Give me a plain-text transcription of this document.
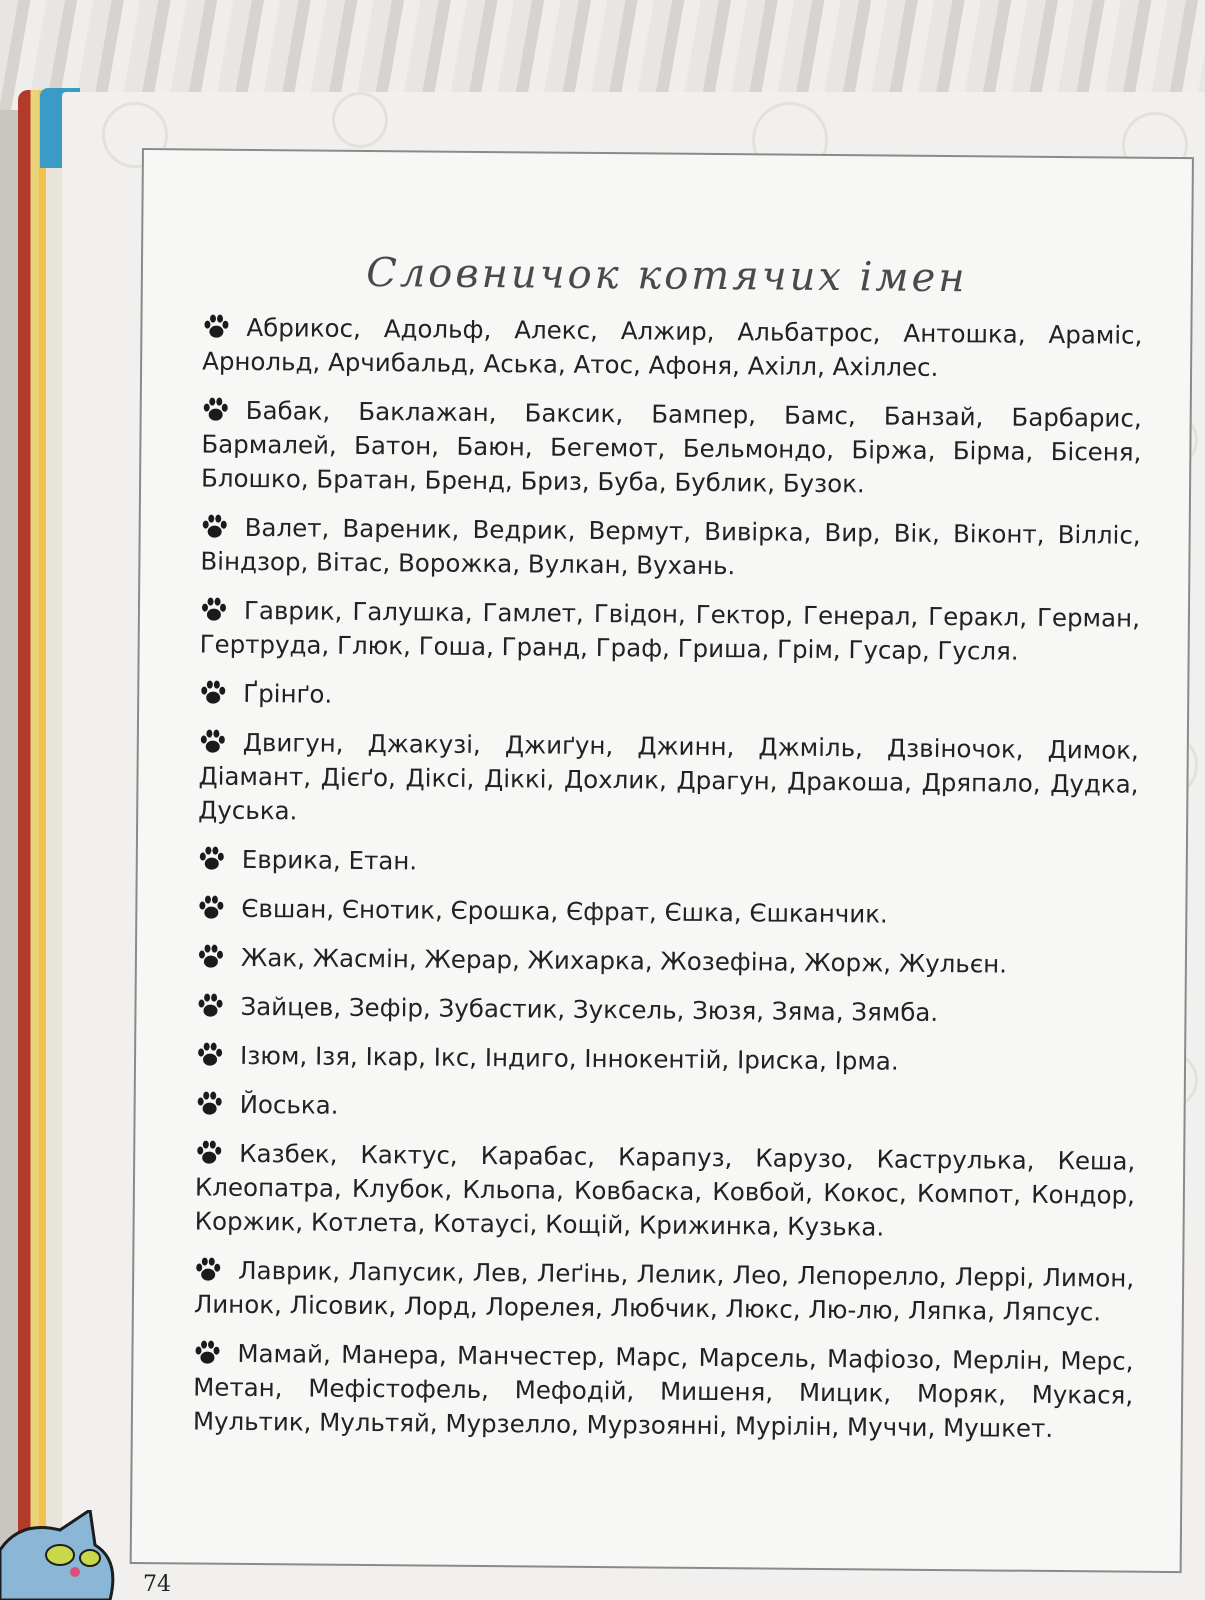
Словничок котячих імен
Абрикос, Адольф, Алекс, Алжир, Альбатрос, Антошка, Араміс, Арнольд, Арчибальд, Аська, Атос, Афоня, Ахілл, Ахіллес.
Бабак, Баклажан, Баксик, Бампер, Бамс, Банзай, Барбарис, Бармалей, Батон, Баюн, Бегемот, Бельмондо, Біржа, Бірма, Бісеня, Блошко, Братан, Бренд, Бриз, Буба, Бублик, Бузок.
Валет, Вареник, Ведрик, Вермут, Вивірка, Вир, Вік, Віконт, Вілліс, Віндзор, Вітас, Ворожка, Вулкан, Вухань.
Гаврик, Галушка, Гамлет, Гвідон, Гектор, Генерал, Геракл, Герман, Гертруда, Глюк, Гоша, Гранд, Граф, Гриша, Грім, Гусар, Гусля.
Ґрінґо.
Двигун, Джакузі, Джиґун, Джинн, Джміль, Дзвіночок, Димок, Діамант, Дієґо, Діксі, Діккі, Дохлик, Драгун, Дракоша, Дряпало, Дудка, Дуська.
Еврика, Етан.
Євшан, Єнотик, Єрошка, Єфрат, Єшка, Єшканчик.
Жак, Жасмін, Жерар, Жихарка, Жозефіна, Жорж, Жульєн.
Зайцев, Зефір, Зубастик, Зуксель, Зюзя, Зяма, Зямба.
Ізюм, Ізя, Ікар, Ікс, Індиго, Іннокентій, Іриска, Ірма.
Йоська.
Казбек, Кактус, Карабас, Карапуз, Карузо, Каструлька, Кеша, Клеопатра, Клубок, Кльопа, Ковбаска, Ковбой, Кокос, Компот, Кондор, Коржик, Котлета, Котаусі, Кощій, Крижинка, Кузька.
Лаврик, Лапусик, Лев, Леґінь, Лелик, Лео, Лепорелло, Леррі, Лимон, Линок, Лісовик, Лорд, Лорелея, Любчик, Люкс, Лю-лю, Ляпка, Ляпсус.
Мамай, Манера, Манчестер, Марс, Марсель, Мафіозо, Мерлін, Мерс, Метан, Мефістофель, Мефодій, Мишеня, Мицик, Моряк, Мукася, Мультик, Мультяй, Мурзелло, Мурзоянні, Мурілін, Муччи, Мушкет.
74
